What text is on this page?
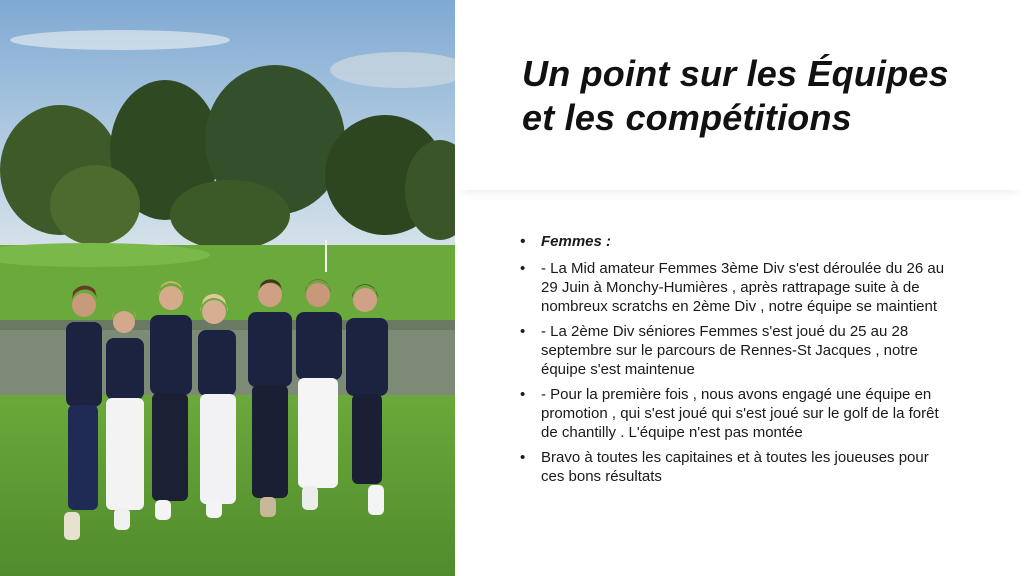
Un point sur les Équipes
et les compétitions
• Femmes :
• - La Mid amateur Femmes 3ème Div s'est déroulée du 26 au 29 Juin à Monchy-Humières , après rattrapage suite à de nombreux scratchs en 2ème Div , notre équipe se maintient
• - La 2ème Div séniores Femmes s'est joué du 25 au 28 septembre sur le parcours de Rennes-St Jacques , notre équipe s'est maintenue
• - Pour la première fois , nous avons engagé une équipe en promotion , qui s'est joué qui s'est joué sur le golf de la forêt de chantilly . L'équipe n'est pas montée
• Bravo à toutes les capitaines et à toutes les joueuses pour ces bons résultats
